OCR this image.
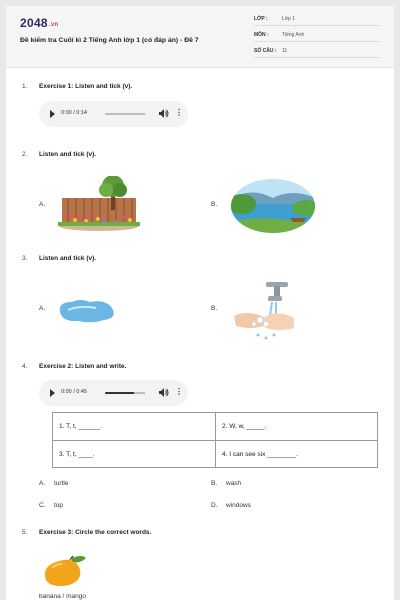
2048.vn
Đề kiểm tra Cuối kì 2 Tiếng Anh lớp 1 (có đáp án) - Đề 7
LỚP :	Lớp 1
MÔN :	Tiếng Anh
SỐ CÂU : 11
1. Exercise 1: Listen and tick (v).
0:00 / 0:14	⋮
2. Listen and tick (v).
A.	B.
3. Listen and tick (v).
A.	B.
4. Exercise 2: Listen and write.
0:00 / 0:45	⋮
1. T, t, ______.	2. W, w, _____.
3. T, t, ____.	4. I can see six ________.
A. turtle	B. wash
C. top	D. windows
5. Exercise 3: Circle the correct words.
banana / mango
